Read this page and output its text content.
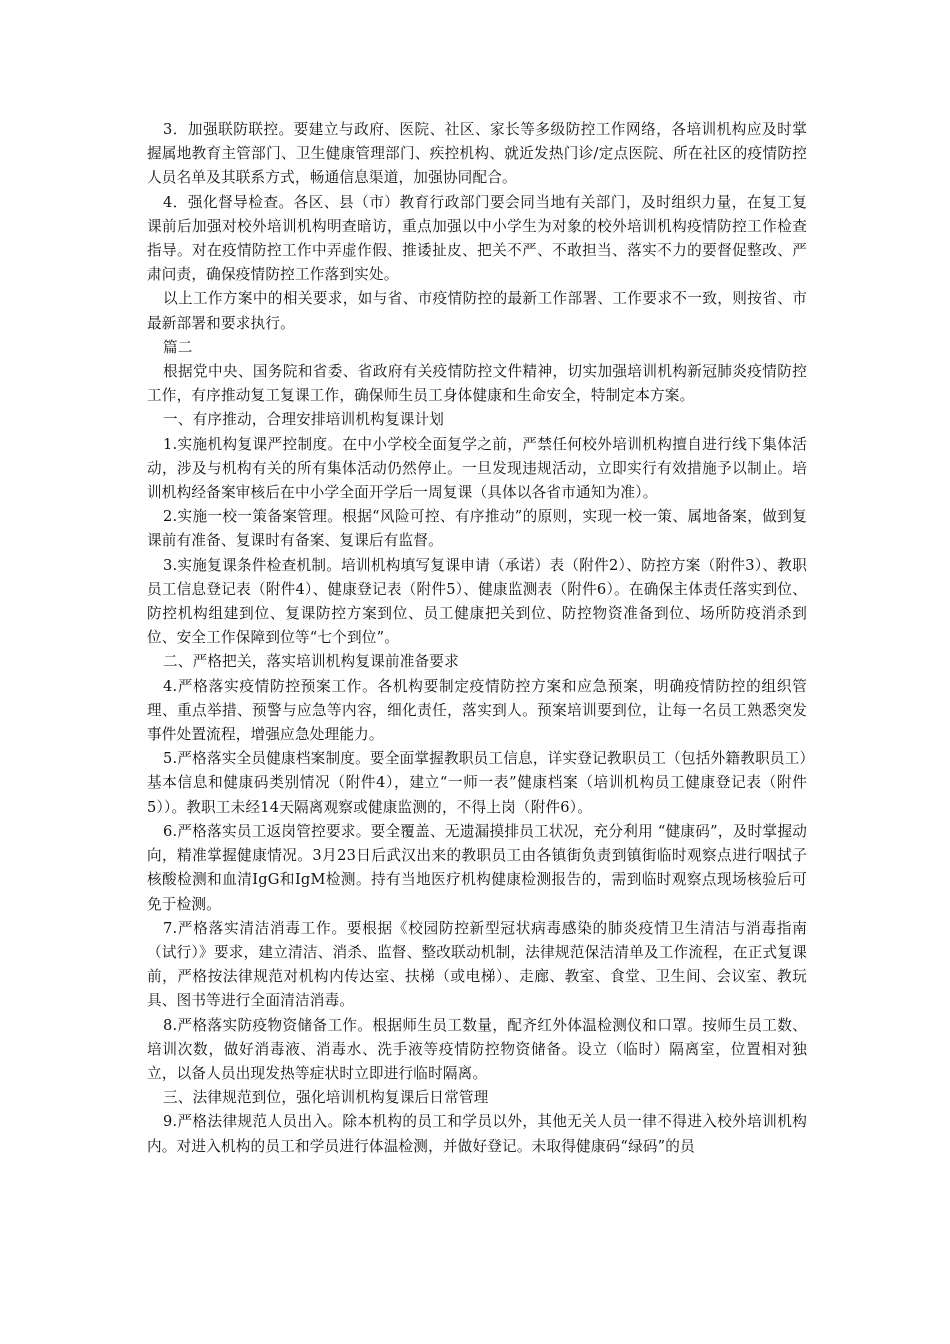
3．加强联防联控。要建立与政府、医院、社区、家长等多级防控工作网络，各培训机构应及时掌握属地教育主管部门、卫生健康管理部门、疾控机构、就近发热门诊/定点医院、所在社区的疫情防控人员名单及其联系方式，畅通信息渠道，加强协同配合。

4．强化督导检查。各区、县（市）教育行政部门要会同当地有关部门，及时组织力量，在复工复课前后加强对校外培训机构明查暗访，重点加强以中小学生为对象的校外培训机构疫情防控工作检查指导。对在疫情防控工作中弄虚作假、推诿扯皮、把关不严、不敢担当、落实不力的要督促整改、严肃问责，确保疫情防控工作落到实处。

以上工作方案中的相关要求，如与省、市疫情防控的最新工作部署、工作要求不一致，则按省、市最新部署和要求执行。

篇二

根据党中央、国务院和省委、省政府有关疫情防控文件精神，切实加强培训机构新冠肺炎疫情防控工作，有序推动复工复课工作，确保师生员工身体健康和生命安全，特制定本方案。

一、有序推动，合理安排培训机构复课计划

1.实施机构复课严控制度。在中小学校全面复学之前，严禁任何校外培训机构擅自进行线下集体活动，涉及与机构有关的所有集体活动仍然停止。一旦发现违规活动，立即实行有效措施予以制止。培训机构经备案审核后在中小学全面开学后一周复课（具体以各省市通知为准）。

2.实施一校一策备案管理。根据“风险可控、有序推动”的原则，实现一校一策、属地备案，做到复课前有准备、复课时有备案、复课后有监督。

3.实施复课条件检查机制。培训机构填写复课申请（承诺）表（附件2）、防控方案（附件3）、教职员工信息登记表（附件4）、健康登记表（附件5）、健康监测表（附件6）。在确保主体责任落实到位、防控机构组建到位、复课防控方案到位、员工健康把关到位、防控物资准备到位、场所防疫消杀到位、安全工作保障到位等“七个到位”。

二、严格把关，落实培训机构复课前准备要求

4.严格落实疫情防控预案工作。各机构要制定疫情防控方案和应急预案，明确疫情防控的组织管理、重点举措、预警与应急等内容，细化责任，落实到人。预案培训要到位，让每一名员工熟悉突发事件处置流程，增强应急处理能力。

5.严格落实全员健康档案制度。要全面掌握教职员工信息，详实登记教职员工（包括外籍教职员工）基本信息和健康码类别情况（附件4），建立“一师一表”健康档案（培训机构员工健康登记表（附件5））。教职工未经14天隔离观察或健康监测的，不得上岗（附件6）。

6.严格落实员工返岗管控要求。要全覆盖、无遗漏摸排员工状况，充分利用 “健康码”，及时掌握动向，精准掌握健康情况。3月23日后武汉出来的教职员工由各镇街负责到镇街临时观察点进行咽拭子核酸检测和血清IgG和IgM检测。持有当地医疗机构健康检测报告的，需到临时观察点现场核验后可免于检测。

7.严格落实清洁消毒工作。要根据《校园防控新型冠状病毒感染的肺炎疫情卫生清洁与消毒指南（试行）》要求，建立清洁、消杀、监督、整改联动机制，法律规范保洁清单及工作流程，在正式复课前，严格按法律规范对机构内传达室、扶梯（或电梯）、走廊、教室、食堂、卫生间、会议室、教玩具、图书等进行全面清洁消毒。

8.严格落实防疫物资储备工作。根据师生员工数量，配齐红外体温检测仪和口罩。按师生员工数、培训次数，做好消毒液、消毒水、洗手液等疫情防控物资储备。设立（临时）隔离室，位置相对独立，以备人员出现发热等症状时立即进行临时隔离。

三、法律规范到位，强化培训机构复课后日常管理

9.严格法律规范人员出入。除本机构的员工和学员以外，其他无关人员一律不得进入校外培训机构内。对进入机构的员工和学员进行体温检测，并做好登记。未取得健康码“绿码”的员
